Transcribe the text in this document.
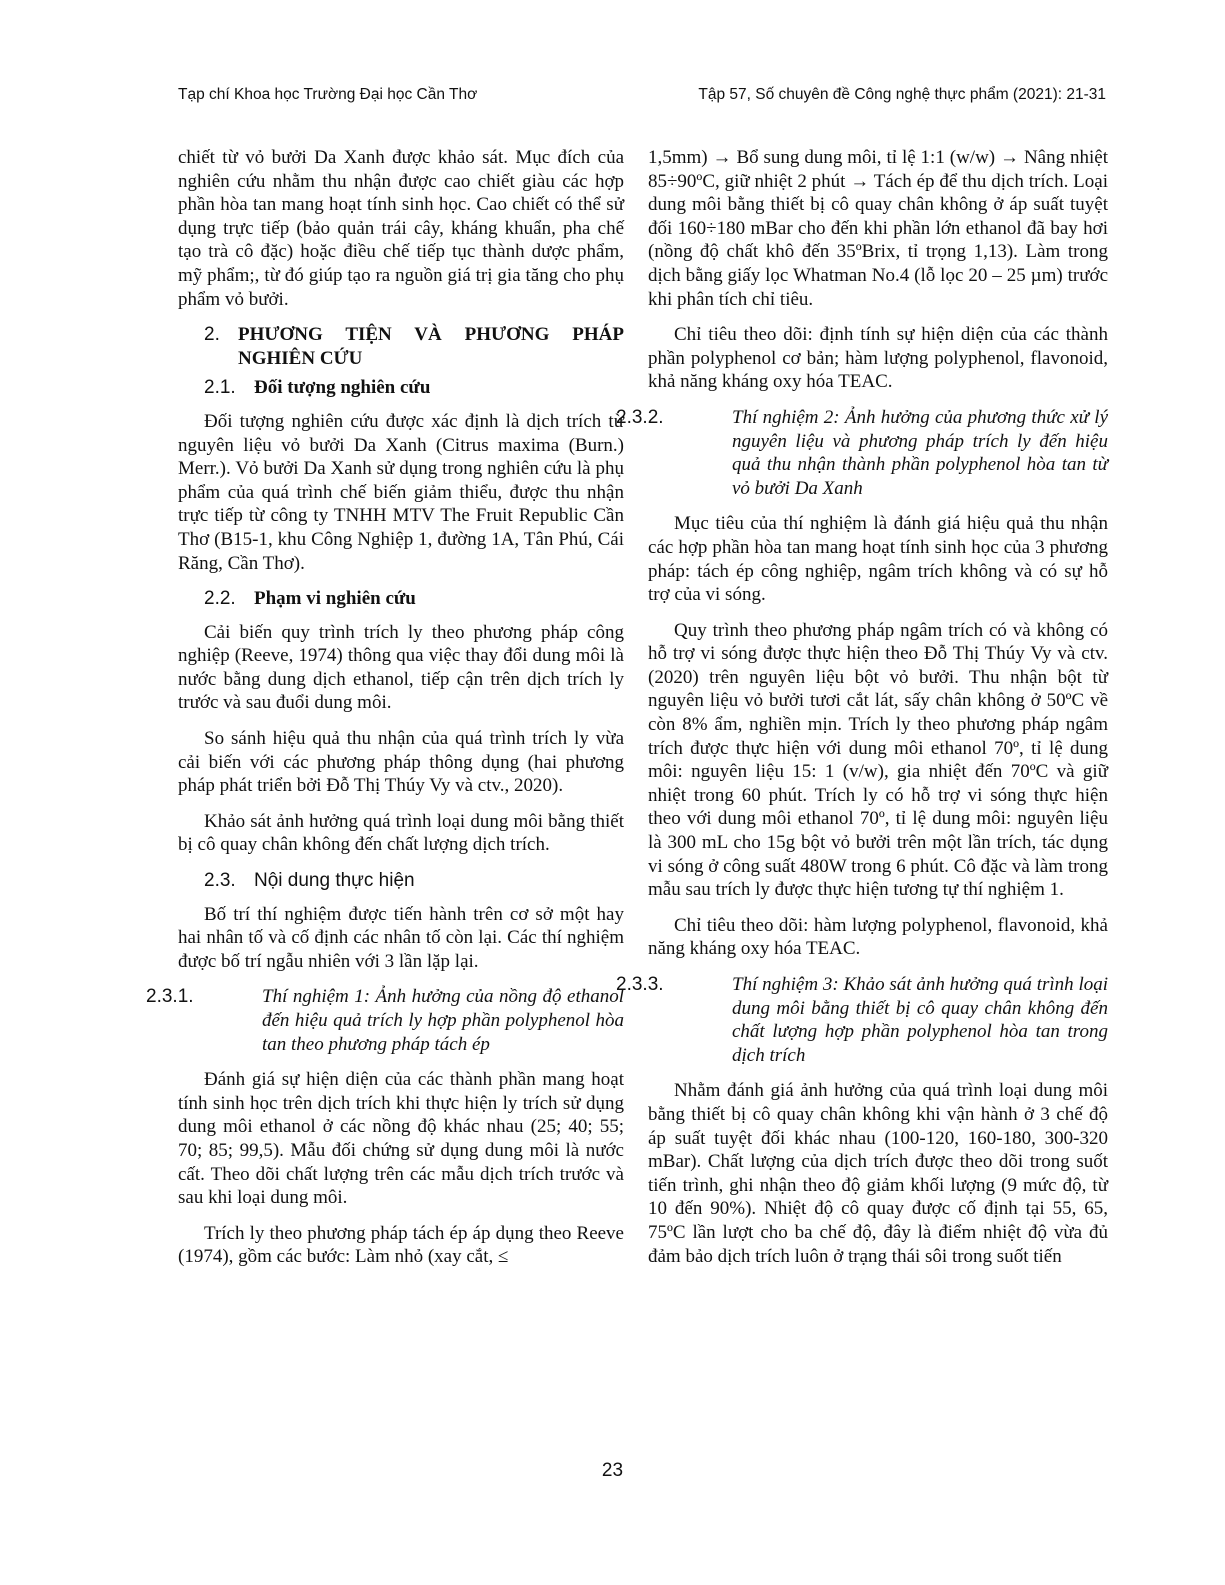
Tạp chí Khoa học Trường Đại học Cần Thơ	Tập 57, Số chuyên đề Công nghệ thực phẩm (2021): 21-31

chiết từ vỏ bưởi Da Xanh được khảo sát. Mục đích của nghiên cứu nhằm thu nhận được cao chiết giàu các hợp phần hòa tan mang hoạt tính sinh học. Cao chiết có thể sử dụng trực tiếp (bảo quản trái cây, kháng khuẩn, pha chế tạo trà cô đặc) hoặc điều chế tiếp tục thành dược phẩm, mỹ phẩm;, từ đó giúp tạo ra nguồn giá trị gia tăng cho phụ phẩm vỏ bưởi.

2. PHƯƠNG TIỆN VÀ PHƯƠNG PHÁP NGHIÊN CỨU
2.1. Đối tượng nghiên cứu

Đối tượng nghiên cứu được xác định là dịch trích từ nguyên liệu vỏ bưởi Da Xanh (Citrus maxima (Burn.) Merr.). Vỏ bưởi Da Xanh sử dụng trong nghiên cứu là phụ phẩm của quá trình chế biến giảm thiểu, được thu nhận trực tiếp từ công ty TNHH MTV The Fruit Republic Cần Thơ (B15-1, khu Công Nghiệp 1, đường 1A, Tân Phú, Cái Răng, Cần Thơ).

2.2. Phạm vi nghiên cứu

Cải biến quy trình trích ly theo phương pháp công nghiệp (Reeve, 1974) thông qua việc thay đổi dung môi là nước bằng dung dịch ethanol, tiếp cận trên dịch trích ly trước và sau đuổi dung môi.

So sánh hiệu quả thu nhận của quá trình trích ly vừa cải biến với các phương pháp thông dụng (hai phương pháp phát triển bởi Đỗ Thị Thúy Vy và ctv., 2020).

Khảo sát ảnh hưởng quá trình loại dung môi bằng thiết bị cô quay chân không đến chất lượng dịch trích.

2.3. Nội dung thực hiện

Bố trí thí nghiệm được tiến hành trên cơ sở một hay hai nhân tố và cố định các nhân tố còn lại. Các thí nghiệm được bố trí ngẫu nhiên với 3 lần lặp lại.

2.3.1.	Thí nghiệm 1: Ảnh hưởng của nồng độ ethanol đến hiệu quả trích ly hợp phần polyphenol hòa tan theo phương pháp tách ép

Đánh giá sự hiện diện của các thành phần mang hoạt tính sinh học trên dịch trích khi thực hiện ly trích sử dụng dung môi ethanol ở các nồng độ khác nhau (25; 40; 55; 70; 85; 99,5). Mẫu đối chứng sử dụng dung môi là nước cất. Theo dõi chất lượng trên các mẫu dịch trích trước và sau khi loại dung môi.

Trích ly theo phương pháp tách ép áp dụng theo Reeve (1974), gồm các bước: Làm nhỏ (xay cắt, ≤

1,5mm) → Bổ sung dung môi, tỉ lệ 1:1 (w/w) → Nâng nhiệt 85÷90ºC, giữ nhiệt 2 phút → Tách ép để thu dịch trích. Loại dung môi bằng thiết bị cô quay chân không ở áp suất tuyệt đối 160÷180 mBar cho đến khi phần lớn ethanol đã bay hơi (nồng độ chất khô đến 35ºBrix, tỉ trọng 1,13). Làm trong dịch bằng giấy lọc Whatman No.4 (lỗ lọc 20 – 25 µm) trước khi phân tích chỉ tiêu.

Chỉ tiêu theo dõi: định tính sự hiện diện của các thành phần polyphenol cơ bản; hàm lượng polyphenol, flavonoid, khả năng kháng oxy hóa TEAC.

2.3.2.	Thí nghiệm 2: Ảnh hưởng của phương thức xử lý nguyên liệu và phương pháp trích ly đến hiệu quả thu nhận thành phần polyphenol hòa tan từ vỏ bưởi Da Xanh

Mục tiêu của thí nghiệm là đánh giá hiệu quả thu nhận các hợp phần hòa tan mang hoạt tính sinh học của 3 phương pháp: tách ép công nghiệp, ngâm trích không và có sự hỗ trợ của vi sóng.

Quy trình theo phương pháp ngâm trích có và không có hỗ trợ vi sóng được thực hiện theo Đỗ Thị Thúy Vy và ctv. (2020) trên nguyên liệu bột vỏ bưởi. Thu nhận bột từ nguyên liệu vỏ bưởi tươi cắt lát, sấy chân không ở 50ºC về còn 8% ẩm, nghiền mịn. Trích ly theo phương pháp ngâm trích được thực hiện với dung môi ethanol 70º, tỉ lệ dung môi: nguyên liệu 15: 1 (v/w), gia nhiệt đến 70ºC và giữ nhiệt trong 60 phút. Trích ly có hỗ trợ vi sóng thực hiện theo với dung môi ethanol 70º, tỉ lệ dung môi: nguyên liệu là 300 mL cho 15g bột vỏ bưởi trên một lần trích, tác dụng vi sóng ở công suất 480W trong 6 phút. Cô đặc và làm trong mẫu sau trích ly được thực hiện tương tự thí nghiệm 1.

Chỉ tiêu theo dõi: hàm lượng polyphenol, flavonoid, khả năng kháng oxy hóa TEAC.

2.3.3.	Thí nghiệm 3: Khảo sát ảnh hưởng quá trình loại dung môi bằng thiết bị cô quay chân không đến chất lượng hợp phần polyphenol hòa tan trong dịch trích

Nhằm đánh giá ảnh hưởng của quá trình loại dung môi bằng thiết bị cô quay chân không khi vận hành ở 3 chế độ áp suất tuyệt đối khác nhau (100-120, 160-180, 300-320 mBar). Chất lượng của dịch trích được theo dõi trong suốt tiến trình, ghi nhận theo độ giảm khối lượng (9 mức độ, từ 10 đến 90%). Nhiệt độ cô quay được cố định tại 55, 65, 75ºC lần lượt cho ba chế độ, đây là điểm nhiệt độ vừa đủ đảm bảo dịch trích luôn ở trạng thái sôi trong suốt tiến

23
